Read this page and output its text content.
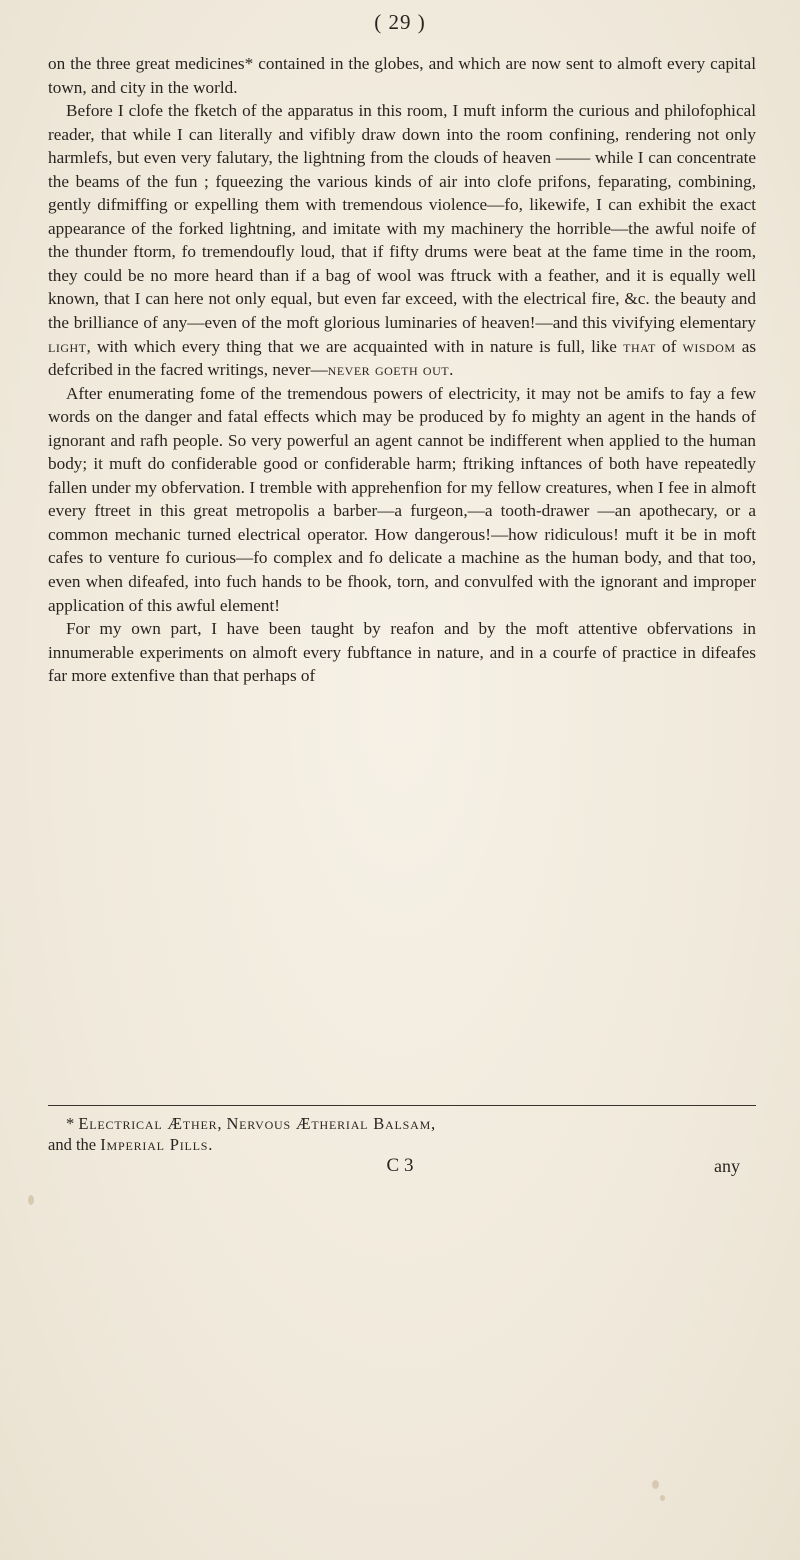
( 29 )

on the three great medicines* contained in the globes, and which are now sent to almoft every capital town, and city in the world.

Before I clofe the fketch of the apparatus in this room, I muft inform the curious and philofophical reader, that while I can literally and vifibly draw down into the room confining, rendering not only harmlefs, but even very falutary, the lightning from the clouds of heaven —— while I can concentrate the beams of the fun ; fqueezing the various kinds of air into clofe prifons, feparating, combining, gently difmiffing or expelling them with tremendous violence—fo, likewife, I can exhibit the exact appearance of the forked lightning, and imitate with my machinery the horrible—the awful noife of the thunder ftorm, fo tremendoufly loud, that if fifty drums were beat at the fame time in the room, they could be no more heard than if a bag of wool was ftruck with a feather, and it is equally well known, that I can here not only equal, but even far exceed, with the electrical fire, &c. the beauty and the brilliance of any—even of the moft glorious luminaries of heaven!—and this vivifying elementary light, with which every thing that we are acquainted with in nature is full, like that of wisdom as defcribed in the facred writings, never—never goeth out.

After enumerating fome of the tremendous powers of electricity, it may not be amifs to fay a few words on the danger and fatal effects which may be produced by fo mighty an agent in the hands of ignorant and rafh people. So very powerful an agent cannot be indifferent when applied to the human body; it muft do confiderable good or confiderable harm; ftriking inftances of both have repeatedly fallen under my obfervation. I tremble with apprehenfion for my fellow creatures, when I fee in almoft every ftreet in this great metropolis a barber—a furgeon,—a tooth-drawer —an apothecary, or a common mechanic turned electrical operator. How dangerous!—how ridiculous! muft it be in moft cafes to venture fo curious—fo complex and fo delicate a machine as the human body, and that too, even when difeafed, into fuch hands to be fhook, torn, and convulfed with the ignorant and improper application of this awful element!

For my own part, I have been taught by reafon and by the moft attentive obfervations in innumerable experiments on almoft every fubftance in nature, and in a courfe of practice in difeafes far more extenfive than that perhaps of

* Electrical Æther, Nervous Ætherial Balsam,
and the Imperial Pills.
C 3	any
